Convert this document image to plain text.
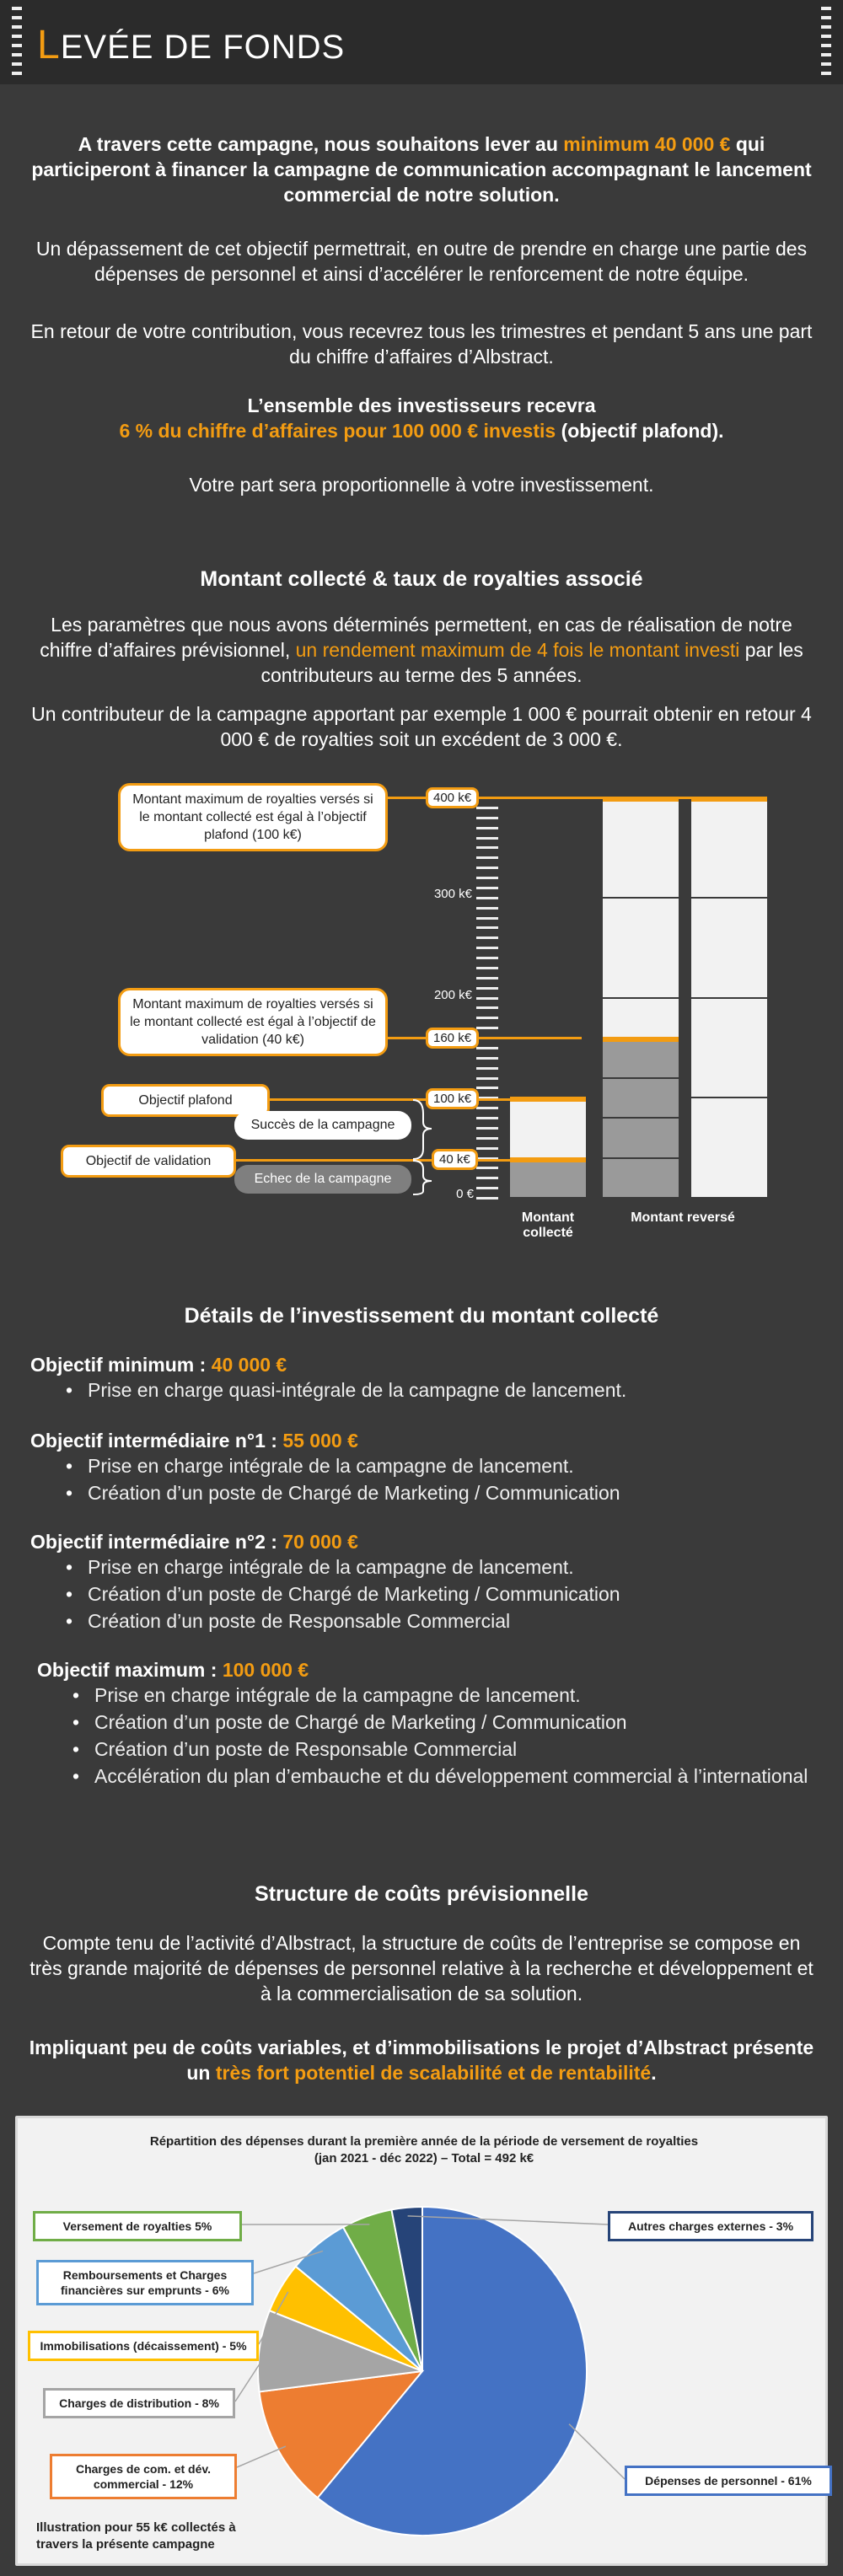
LEVÉE DE FONDS
A travers cette campagne, nous souhaitons lever au minimum 40 000 € qui participeront à financer la campagne de communication accompagnant le lancement commercial de notre solution.
Un dépassement de cet objectif permettrait, en outre de prendre en charge une partie des dépenses de personnel et ainsi d’accélérer le renforcement de notre équipe.
En retour de votre contribution, vous recevrez tous les trimestres et pendant 5 ans une part du chiffre d’affaires d’Albstract.
L’ensemble des investisseurs recevra
6 % du chiffre d’affaires pour 100 000 € investis (objectif plafond).
Votre part sera proportionnelle à votre investissement.
Montant collecté & taux de royalties associé
Les paramètres que nous avons déterminés permettent, en cas de réalisation de notre chiffre d’affaires prévisionnel, un rendement maximum de 4 fois le montant investi par les contributeurs au terme des 5 années.
Un contributeur de la campagne apportant par exemple 1 000 € pourrait obtenir en retour 4 000 € de royalties soit un excédent de 3 000 €.
400 k€
300 k€
200 k€
160 k€
100 k€
40 k€
0 €
Montant maximum de royalties versés si le montant collecté est égal à l’objectif plafond (100 k€)
Montant maximum de royalties versés si le montant collecté est égal à l’objectif de validation (40 k€)
Objectif plafond
Objectif de validation
Succès de la campagne
Echec de la campagne
Montant collecté
Montant reversé
Détails de l’investissement du montant collecté
Objectif minimum : 40 000 €
• Prise en charge quasi-intégrale de la campagne de lancement.
Objectif intermédiaire n°1 : 55 000 €
• Prise en charge intégrale de la campagne de lancement.
• Création d’un poste de Chargé de Marketing / Communication
Objectif intermédiaire n°2 : 70 000 €
• Prise en charge intégrale de la campagne de lancement.
• Création d’un poste de Chargé de Marketing / Communication
• Création d’un poste de Responsable Commercial
Objectif maximum : 100 000 €
• Prise en charge intégrale de la campagne de lancement.
• Création d’un poste de Chargé de Marketing / Communication
• Création d’un poste de Responsable Commercial
• Accélération du plan d’embauche et du développement commercial à l’international
Structure de coûts prévisionnelle
Compte tenu de l’activité d’Albstract, la structure de coûts de l’entreprise se compose en très grande majorité de dépenses de personnel relative à la recherche et développement et à la commercialisation de sa solution.
Impliquant peu de coûts variables, et d’immobilisations le projet d’Albstract présente un très fort potentiel de scalabilité et de rentabilité.
Répartition des dépenses durant la première année de la période de versement de royalties
(jan 2021 - déc 2022) – Total = 492 k€
Dépenses de personnel - 61%
Charges de com. et dév. commercial - 12%
Charges de distribution - 8%
Immobilisations (décaissement) - 5%
Remboursements et Charges financières sur emprunts - 6%
Versement de royalties 5%	Autres charges externes - 3%
Illustration pour 55 k€ collectés à
travers la présente campagne
